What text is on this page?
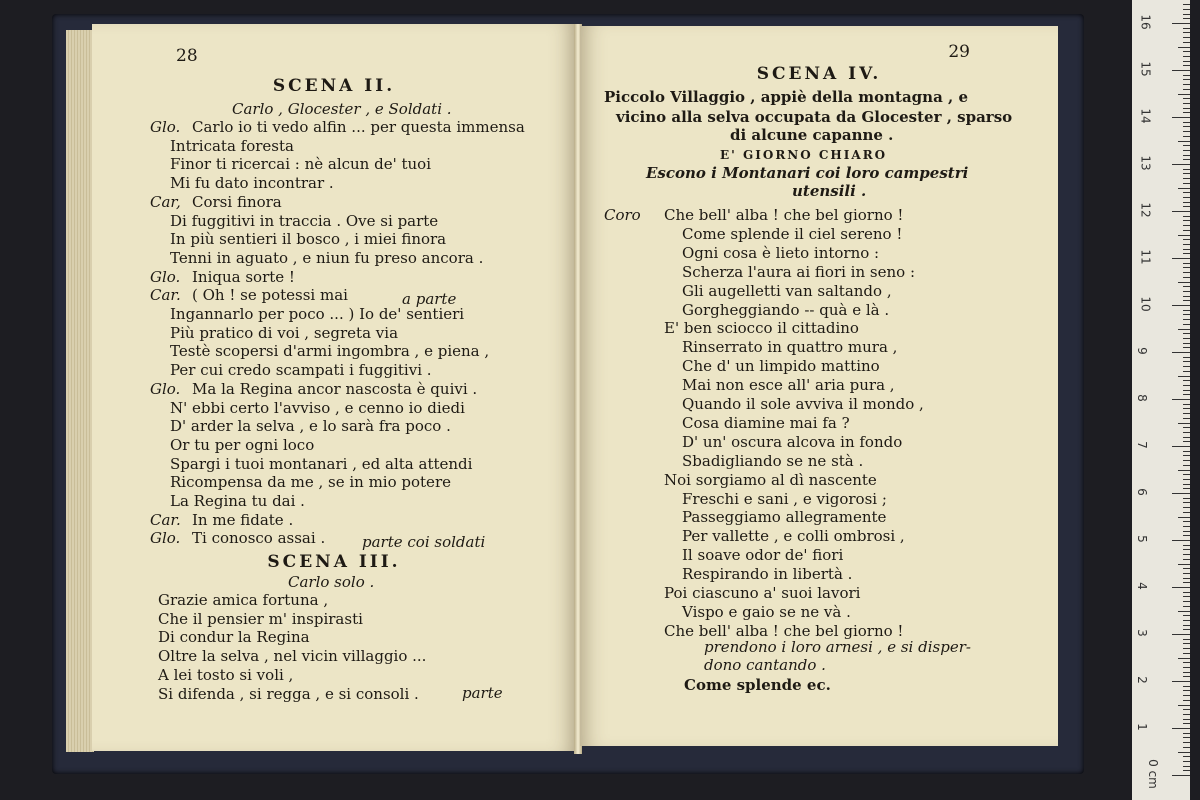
28
SCENA II.
Carlo , Glocester , e Soldati .
Glo. Carlo io ti vedo alfin ... per questa immensa
Intricata foresta
Finor ti ricercai : nè alcun de' tuoi
Mi fu dato incontrar .
Car, Corsi finora
Di fuggitivi in traccia . Ove si parte
In più sentieri il bosco , i miei finora
Tenni in aguato , e niun fu preso ancora .
Glo. Iniqua sorte !
Car. ( Oh ! se potessi mai
Ingannarlo per poco ... ) Io de' sentieri
Più pratico di voi , segreta via
Testè scopersi d'armi ingombra , e piena ,
Per cui credo scampati i fuggitivi .
Glo. Ma la Regina ancor nascosta è quivi .
N' ebbi certo l'avviso , e cenno io diedi
D' arder la selva , e lo sarà fra poco .
Or tu per ogni loco
Spargi i tuoi montanari , ed alta attendi
Ricompensa da me , se in mio potere
La Regina tu dai .
Car. In me fidate .
Glo. Ti conosco assai .
a parte
parte coi soldati
SCENA III.
Carlo solo .
Grazie amica fortuna ,
Che il pensier m' inspirasti
Di condur la Regina
Oltre la selva , nel vicin villaggio ...
A lei tosto si voli ,
Si difenda , si regga , e si consoli .	parte
29
SCENA IV.
Piccolo Villaggio , appiè della montagna , e
vicino alla selva occupata da Glocester , sparso
di alcune capanne .
E' GIORNO CHIARO
Escono i Montanari coi loro campestri
utensili .
Coro Che bell' alba ! che bel giorno !
Come splende il ciel sereno !
Ogni cosa è lieto intorno :
Scherza l'aura ai fiori in seno :
Gli augelletti van saltando ,
Gorgheggiando -- quà e là .
E' ben sciocco il cittadino
Rinserrato in quattro mura ,
Che d' un limpido mattino
Mai non esce all' aria pura ,
Quando il sole avviva il mondo ,
Cosa diamine mai fa ?
D' un' oscura alcova in fondo
Sbadigliando se ne stà .
Noi sorgiamo al dì nascente
Freschi e sani , e vigorosi ;
Passeggiamo allegramente
Per vallette , e colli ombrosi ,
Il soave odor de' fiori
Respirando in libertà .
Poi ciascuno a' suoi lavori
Vispo e gaio se ne và .
Che bell' alba ! che bel giorno !
prendono i loro arnesi , e si disper-
dono cantando .
Come splende ec.
0 cm
1
2
3
4
5
6
7
8
9
10
11
12
13
14
15
16
